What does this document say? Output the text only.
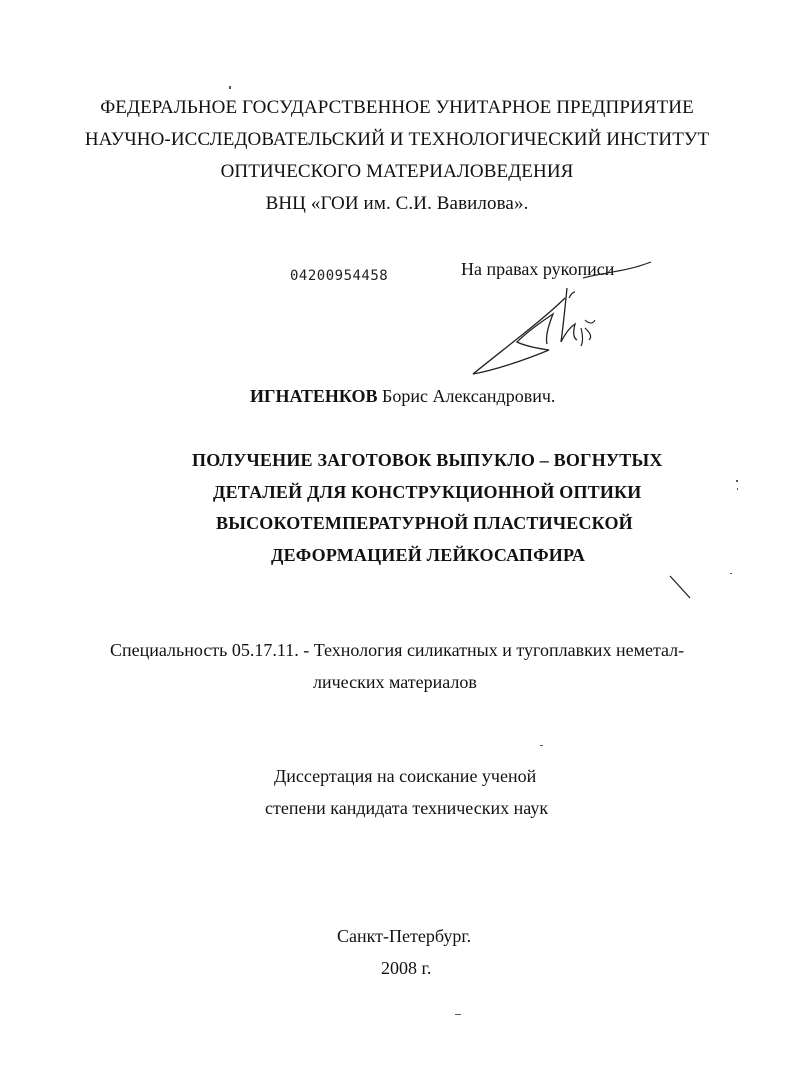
ФЕДЕРАЛЬНОЕ ГОСУДАРСТВЕННОЕ УНИТАРНОЕ ПРЕДПРИЯТИЕ
НАУЧНО-ИССЛЕДОВАТЕЛЬСКИЙ И ТЕХНОЛОГИЧЕСКИЙ ИНСТИТУТ
ОПТИЧЕСКОГО МАТЕРИАЛОВЕДЕНИЯ
ВНЦ «ГОИ им. С.И. Вавилова».
04200954458	На правах рукописи
ИГНАТЕНКОВ Борис Александрович.
ПОЛУЧЕНИЕ ЗАГОТОВОК ВЫПУКЛО – ВОГНУТЫХ
ДЕТАЛЕЙ ДЛЯ КОНСТРУКЦИОННОЙ ОПТИКИ
ВЫСОКОТЕМПЕРАТУРНОЙ ПЛАСТИЧЕСКОЙ
ДЕФОРМАЦИЕЙ ЛЕЙКОСАПФИРА
Специальность 05.17.11. - Технология силикатных и тугоплавких неметал-
лических материалов
Диссертация на соискание ученой
степени кандидата технических наук
Санкт-Петербург.
2008 г.
